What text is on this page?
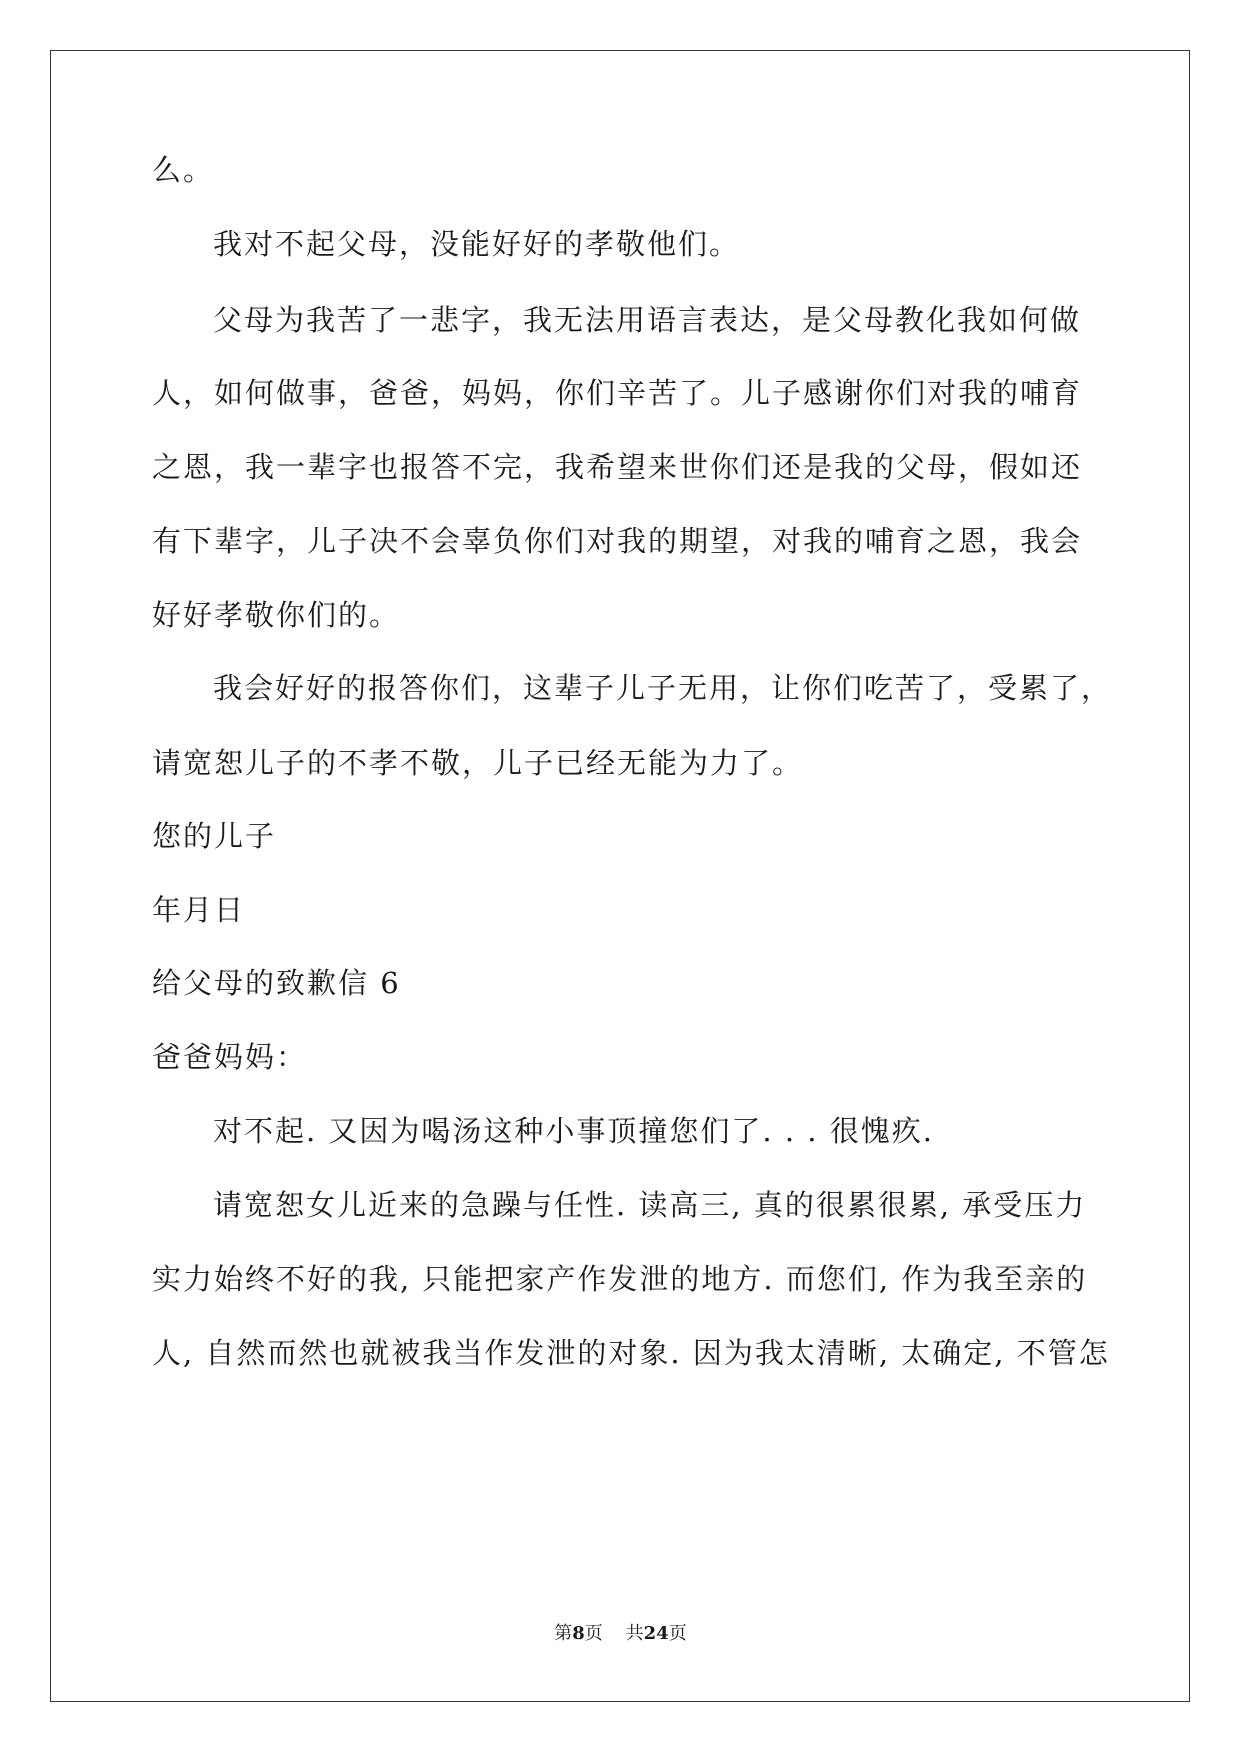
么。
我对不起父母，没能好好的孝敬他们。
父母为我苦了一悲字，我无法用语言表达，是父母教化我如何做
人，如何做事，爸爸，妈妈，你们辛苦了。儿子感谢你们对我的哺育
之恩，我一辈字也报答不完，我希望来世你们还是我的父母，假如还
有下辈字，儿子决不会辜负你们对我的期望，对我的哺育之恩，我会
好好孝敬你们的。
我会好好的报答你们，这辈子儿子无用，让你们吃苦了，受累了，
请宽恕儿子的不孝不敬，儿子已经无能为力了。
您的儿子
年月日
给父母的致歉信 6
爸爸妈妈：
对不起. 又因为喝汤这种小事顶撞您们了. . . 很愧疚.
请宽恕女儿近来的急躁与任性. 读高三, 真的很累很累, 承受压力
实力始终不好的我, 只能把家产作发泄的地方. 而您们, 作为我至亲的
人, 自然而然也就被我当作发泄的对象. 因为我太清晰, 太确定, 不管怎
第8页    共24页
